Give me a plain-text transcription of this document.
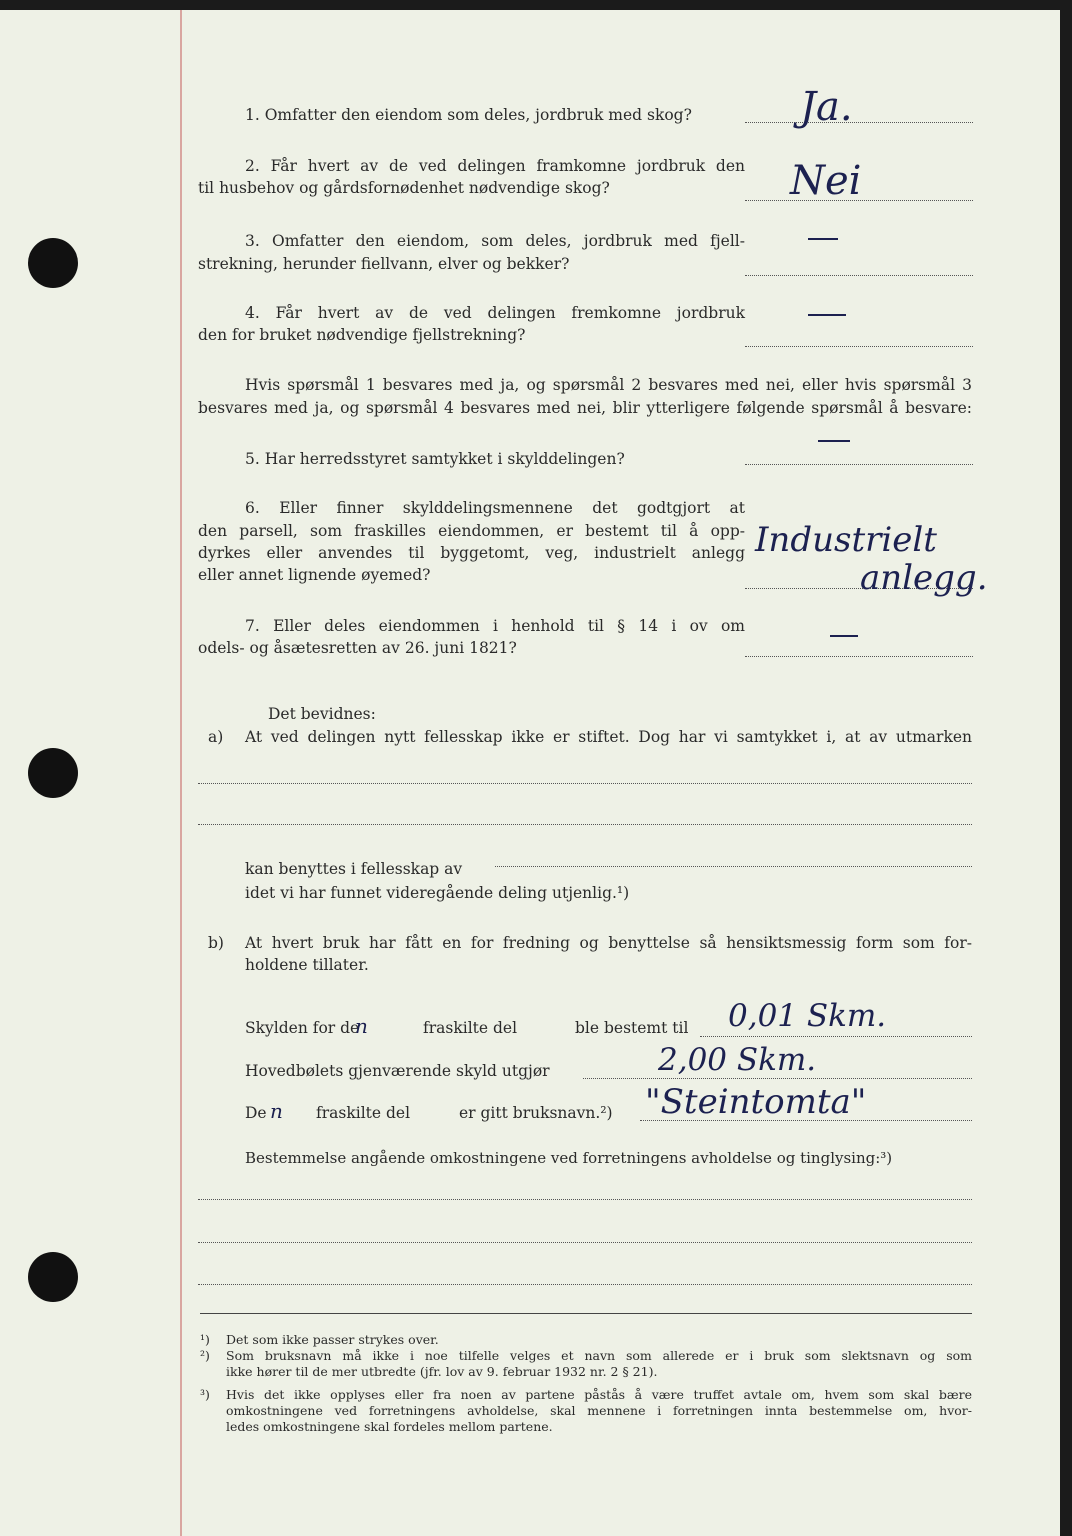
1. Omfatter den eiendom som deles, jordbruk med skog?	Ja.
2. Får hvert av de ved delingen framkomne jordbruk den
til husbehov og gårdsfornødenhet nødvendige skog?	Nei
3. Omfatter den eiendom, som deles, jordbruk med fjell-
strekning, herunder fiellvann, elver og bekker?
4. Får hvert av de ved delingen fremkomne jordbruk
den for bruket nødvendige fjellstrekning?
Hvis spørsmål 1 besvares med ja, og spørsmål 2 besvares med nei, eller hvis spørsmål 3
besvares med ja, og spørsmål 4 besvares med nei, blir ytterligere følgende spørsmål å besvare:
5. Har herredsstyret samtykket i skylddelingen?
6. Eller finner skylddelingsmennene det godtgjort at
den parsell, som fraskilles eiendommen, er bestemt til å opp-
dyrkes eller anvendes til byggetomt, veg, industrielt anlegg
eller annet lignende øyemed?
Industrielt
anlegg.
7. Eller deles eiendommen i henhold til § 14 i ov om
odels- og åsætesretten av 26. juni 1821?
Det bevidnes:
a) At ved delingen nytt fellesskap ikke er stiftet. Dog har vi samtykket i, at av utmarken
kan benyttes i fellesskap av
idet vi har funnet videregående deling utjenlig.¹)
b) At hvert bruk har fått en for fredning og benyttelse så hensiktsmessig form som for-
holdene tillater.
Skylden for de
n	fraskilte del	ble bestemt til 0,01 Skm.
Hovedbølets gjenværende skyld utgjør	2,00 Skm.
De n fraskilte del	er gitt bruksnavn.²) "Steintomta"
Bestemmelse angående omkostningene ved forretningens avholdelse og tinglysing:³)
¹) Det som ikke passer strykes over.
²) Som bruksnavn må ikke i noe tilfelle velges et navn som allerede er i bruk som slektsnavn og som
ikke hører til de mer utbredte (jfr. lov av 9. februar 1932 nr. 2 § 21).
³) Hvis det ikke opplyses eller fra noen av partene påstås å være truffet avtale om, hvem som skal bære
omkostningene ved forretningens avholdelse, skal mennene i forretningen innta bestemmelse om, hvor-
ledes omkostningene skal fordeles mellom partene.
